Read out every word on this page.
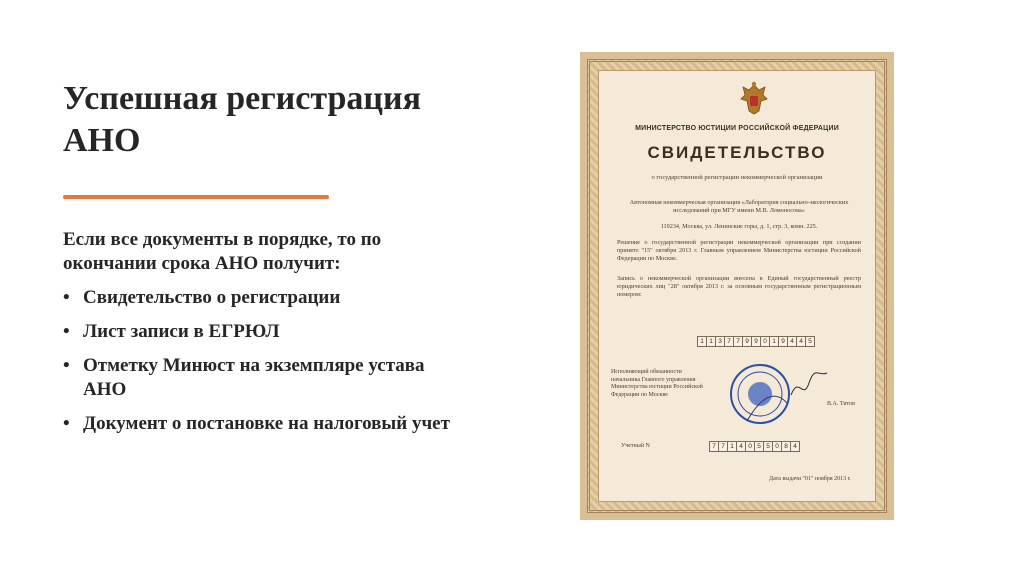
Успешная регистрация АНО

Если все документы в порядке, то по окончании срока АНО получит:

• Свидетельство о регистрации
• Лист записи в ЕГРЮЛ
• Отметку Минюст на экземпляре устава АНО
• Документ о постановке на налоговый учет
МИНИСТЕРСТВО ЮСТИЦИИ РОССИЙСКОЙ ФЕДЕРАЦИИ
СВИДЕТЕЛЬСТВО
о государственной регистрации некоммерческой организации
Автономная некоммерческая организация «Лаборатория социально-экологических исследований при МГУ имени М.В. Ломоносова»
119234, Москва, ул. Ленинские горы, д. 1, стр. 3, комн. 225.
Решение о государственной регистрации некоммерческой организации при создании принято "15" октября 2013 г. Главным управлением Министерства юстиции Российской Федерации по Москве.
Запись о некоммерческой организации внесена в Единый государственный реестр юридических лиц "28" октября 2013 г. за основным государственным регистрационным номером:
1 1 3 7 7 9 9 0 1 9 4 4 5
Исполняющий обязанности начальника Главного управления Министерства юстиции Российской Федерации по Москве
В.А. Титов
Учетный N	7 7 1 4 0 5 5 0 8 4
Дата выдачи "01" ноября 2013 г.
